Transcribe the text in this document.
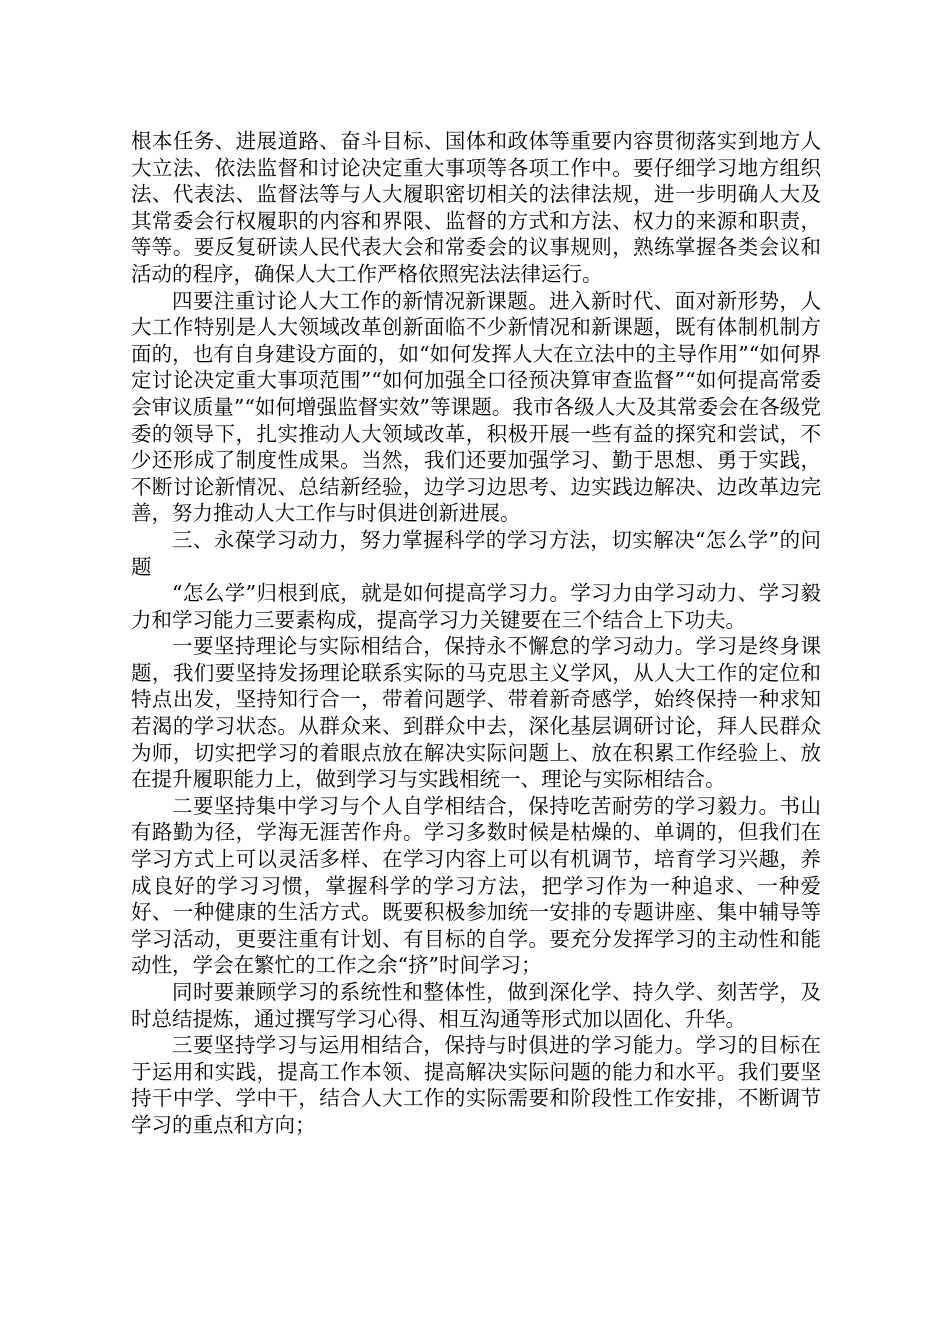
根本任务、进展道路、奋斗目标、国体和政体等重要内容贯彻落实到地方人大立法、依法监督和讨论决定重大事项等各项工作中。要仔细学习地方组织法、代表法、监督法等与人大履职密切相关的法律法规，进一步明确人大及其常委会行权履职的内容和界限、监督的方式和方法、权力的来源和职责，等等。要反复研读人民代表大会和常委会的议事规则，熟练掌握各类会议和活动的程序，确保人大工作严格依照宪法法律运行。

四要注重讨论人大工作的新情况新课题。进入新时代、面对新形势，人大工作特别是人大领域改革创新面临不少新情况和新课题，既有体制机制方面的，也有自身建设方面的，如“如何发挥人大在立法中的主导作用”“如何界定讨论决定重大事项范围”“如何加强全口径预决算审查监督”“如何提高常委会审议质量”“如何增强监督实效”等课题。我市各级人大及其常委会在各级党委的领导下，扎实推动人大领域改革，积极开展一些有益的探究和尝试，不少还形成了制度性成果。当然，我们还要加强学习、勤于思想、勇于实践，不断讨论新情况、总结新经验，边学习边思考、边实践边解决、边改革边完善，努力推动人大工作与时俱进创新进展。

三、永葆学习动力，努力掌握科学的学习方法，切实解决“怎么学”的问题

“怎么学”归根到底，就是如何提高学习力。学习力由学习动力、学习毅力和学习能力三要素构成，提高学习力关键要在三个结合上下功夫。

一要坚持理论与实际相结合，保持永不懈怠的学习动力。学习是终身课题，我们要坚持发扬理论联系实际的马克思主义学风，从人大工作的定位和特点出发，坚持知行合一，带着问题学、带着新奇感学，始终保持一种求知若渴的学习状态。从群众来、到群众中去，深化基层调研讨论，拜人民群众为师，切实把学习的着眼点放在解决实际问题上、放在积累工作经验上、放在提升履职能力上，做到学习与实践相统一、理论与实际相结合。

二要坚持集中学习与个人自学相结合，保持吃苦耐劳的学习毅力。书山有路勤为径，学海无涯苦作舟。学习多数时候是枯燥的、单调的，但我们在学习方式上可以灵活多样、在学习内容上可以有机调节，培育学习兴趣，养成良好的学习习惯，掌握科学的学习方法，把学习作为一种追求、一种爱好、一种健康的生活方式。既要积极参加统一安排的专题讲座、集中辅导等学习活动，更要注重有计划、有目标的自学。要充分发挥学习的主动性和能动性，学会在繁忙的工作之余“挤”时间学习；

同时要兼顾学习的系统性和整体性，做到深化学、持久学、刻苦学，及时总结提炼，通过撰写学习心得、相互沟通等形式加以固化、升华。

三要坚持学习与运用相结合，保持与时俱进的学习能力。学习的目标在于运用和实践，提高工作本领、提高解决实际问题的能力和水平。我们要坚持干中学、学中干，结合人大工作的实际需要和阶段性工作安排，不断调节学习的重点和方向；
